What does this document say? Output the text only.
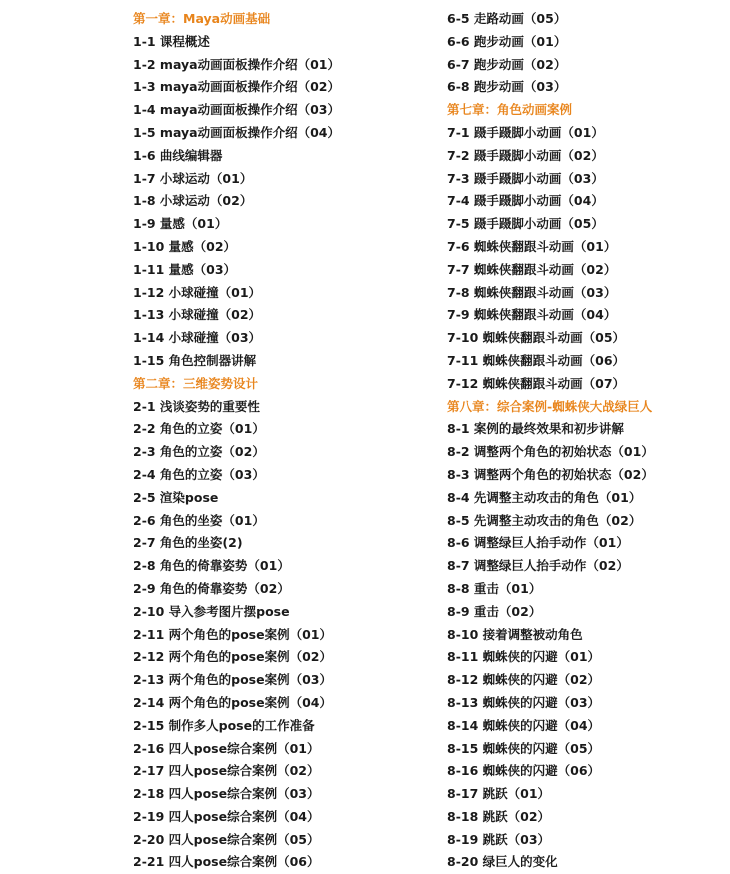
第一章：Maya动画基础
1-1 课程概述
1-2 maya动画面板操作介绍（01）
1-3 maya动画面板操作介绍（02）
1-4 maya动画面板操作介绍（03）
1-5 maya动画面板操作介绍（04）
1-6 曲线编辑器
1-7 小球运动（01）
1-8 小球运动（02）
1-9 量感（01）
1-10 量感（02）
1-11 量感（03）
1-12 小球碰撞（01）
1-13 小球碰撞（02）
1-14 小球碰撞（03）
1-15 角色控制器讲解
第二章：三维姿势设计
2-1 浅谈姿势的重要性
2-2 角色的立姿（01）
2-3 角色的立姿（02）
2-4 角色的立姿（03）
2-5 渲染pose
2-6 角色的坐姿（01）
2-7 角色的坐姿(2)
2-8 角色的倚靠姿势（01）
2-9 角色的倚靠姿势（02）
2-10 导入参考图片摆pose
2-11 两个角色的pose案例（01）
2-12 两个角色的pose案例（02）
2-13 两个角色的pose案例（03）
2-14 两个角色的pose案例（04）
2-15 制作多人pose的工作准备
2-16 四人pose综合案例（01）
2-17 四人pose综合案例（02）
2-18 四人pose综合案例（03）
2-19 四人pose综合案例（04）
2-20 四人pose综合案例（05）
2-21 四人pose综合案例（06）
6-5 走路动画（05）
6-6 跑步动画（01）
6-7 跑步动画（02）
6-8 跑步动画（03）
第七章：角色动画案例
7-1 蹑手蹑脚小动画（01）
7-2 蹑手蹑脚小动画（02）
7-3 蹑手蹑脚小动画（03）
7-4 蹑手蹑脚小动画（04）
7-5 蹑手蹑脚小动画（05）
7-6 蜘蛛侠翻跟斗动画（01）
7-7 蜘蛛侠翻跟斗动画（02）
7-8 蜘蛛侠翻跟斗动画（03）
7-9 蜘蛛侠翻跟斗动画（04）
7-10 蜘蛛侠翻跟斗动画（05）
7-11 蜘蛛侠翻跟斗动画（06）
7-12 蜘蛛侠翻跟斗动画（07）
第八章：综合案例-蜘蛛侠大战绿巨人
8-1 案例的最终效果和初步讲解
8-2 调整两个角色的初始状态（01）
8-3 调整两个角色的初始状态（02）
8-4 先调整主动攻击的角色（01）
8-5 先调整主动攻击的角色（02）
8-6 调整绿巨人抬手动作（01）
8-7 调整绿巨人抬手动作（02）
8-8 重击（01）
8-9 重击（02）
8-10 接着调整被动角色
8-11 蜘蛛侠的闪避（01）
8-12 蜘蛛侠的闪避（02）
8-13 蜘蛛侠的闪避（03）
8-14 蜘蛛侠的闪避（04）
8-15 蜘蛛侠的闪避（05）
8-16 蜘蛛侠的闪避（06）
8-17 跳跃（01）
8-18 跳跃（02）
8-19 跳跃（03）
8-20 绿巨人的变化
